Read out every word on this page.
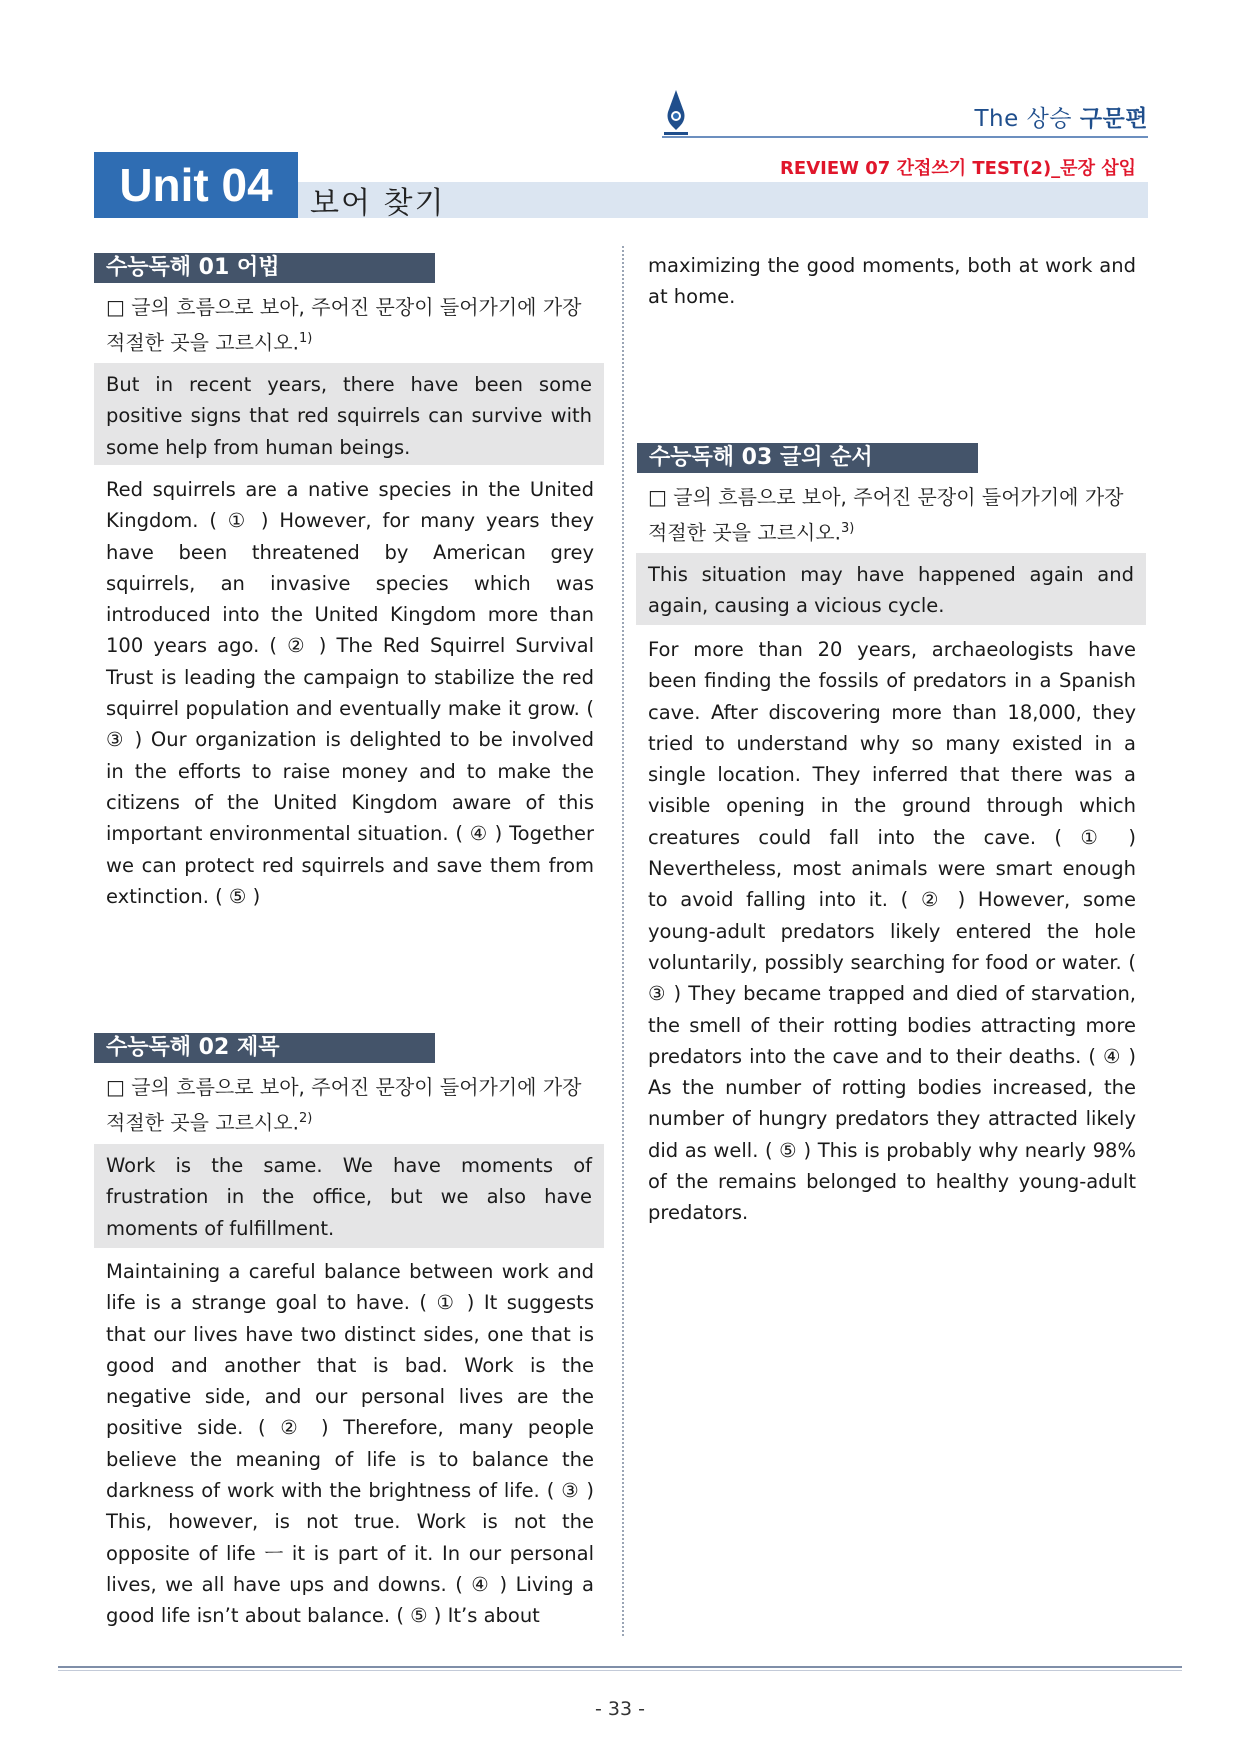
The 상승 구문편
REVIEW 07 간접쓰기 TEST(2)_문장 삽입
Unit 04	보어 찾기
수능독해 01 어법
□ 글의 흐름으로 보아, 주어진 문장이 들어가기에 가장 적절한 곳을 고르시오.$^{1)}$
But in recent years, there have been some positive signs that red squirrels can survive with some help from human beings.
Red squirrels are a native species in the United Kingdom. ( ① ) However, for many years they have been threatened by American grey squirrels, an invasive species which was introduced into the United Kingdom more than 100 years ago. ( ② ) The Red Squirrel Survival Trust is leading the campaign to stabilize the red squirrel population and eventually make it grow. ( ③ ) Our organization is delighted to be involved in the efforts to raise money and to make the citizens of the United Kingdom aware of this important environmental situation. ( ④ ) Together we can protect red squirrels and save them from extinction. ( ⑤ )
수능독해 02 제목
□ 글의 흐름으로 보아, 주어진 문장이 들어가기에 가장 적절한 곳을 고르시오.$^{2)}$
Work is the same. We have moments of frustration in the office, but we also have moments of fulfillment.
Maintaining a careful balance between work and life is a strange goal to have. ( ① ) It suggests that our lives have two distinct sides, one that is good and another that is bad. Work is the negative side, and our personal lives are the positive side. ( ② ) Therefore, many people believe the meaning of life is to balance the darkness of work with the brightness of life. ( ③ ) This, however, is not true. Work is not the opposite of life ㅡ it is part of it. In our personal lives, we all have ups and downs. ( ④ ) Living a good life isn’t about balance. ( ⑤ ) It’s about
maximizing the good moments, both at work and at home.
수능독해 03 글의 순서
□ 글의 흐름으로 보아, 주어진 문장이 들어가기에 가장 적절한 곳을 고르시오.$^{3)}$
This situation may have happened again and again, causing a vicious cycle.
For more than 20 years, archaeologists have been finding the fossils of predators in a Spanish cave. After discovering more than 18,000, they tried to understand why so many existed in a single location. They inferred that there was a visible opening in the ground through which creatures could fall into the cave. ( ① ) Nevertheless, most animals were smart enough to avoid falling into it. ( ② ) However, some young-adult predators likely entered the hole voluntarily, possibly searching for food or water. ( ③ ) They became trapped and died of starvation, the smell of their rotting bodies attracting more predators into the cave and to their deaths. ( ④ ) As the number of rotting bodies increased, the number of hungry predators they attracted likely did as well. ( ⑤ ) This is probably why nearly 98% of the remains belonged to healthy young-adult predators.
- 33 -
